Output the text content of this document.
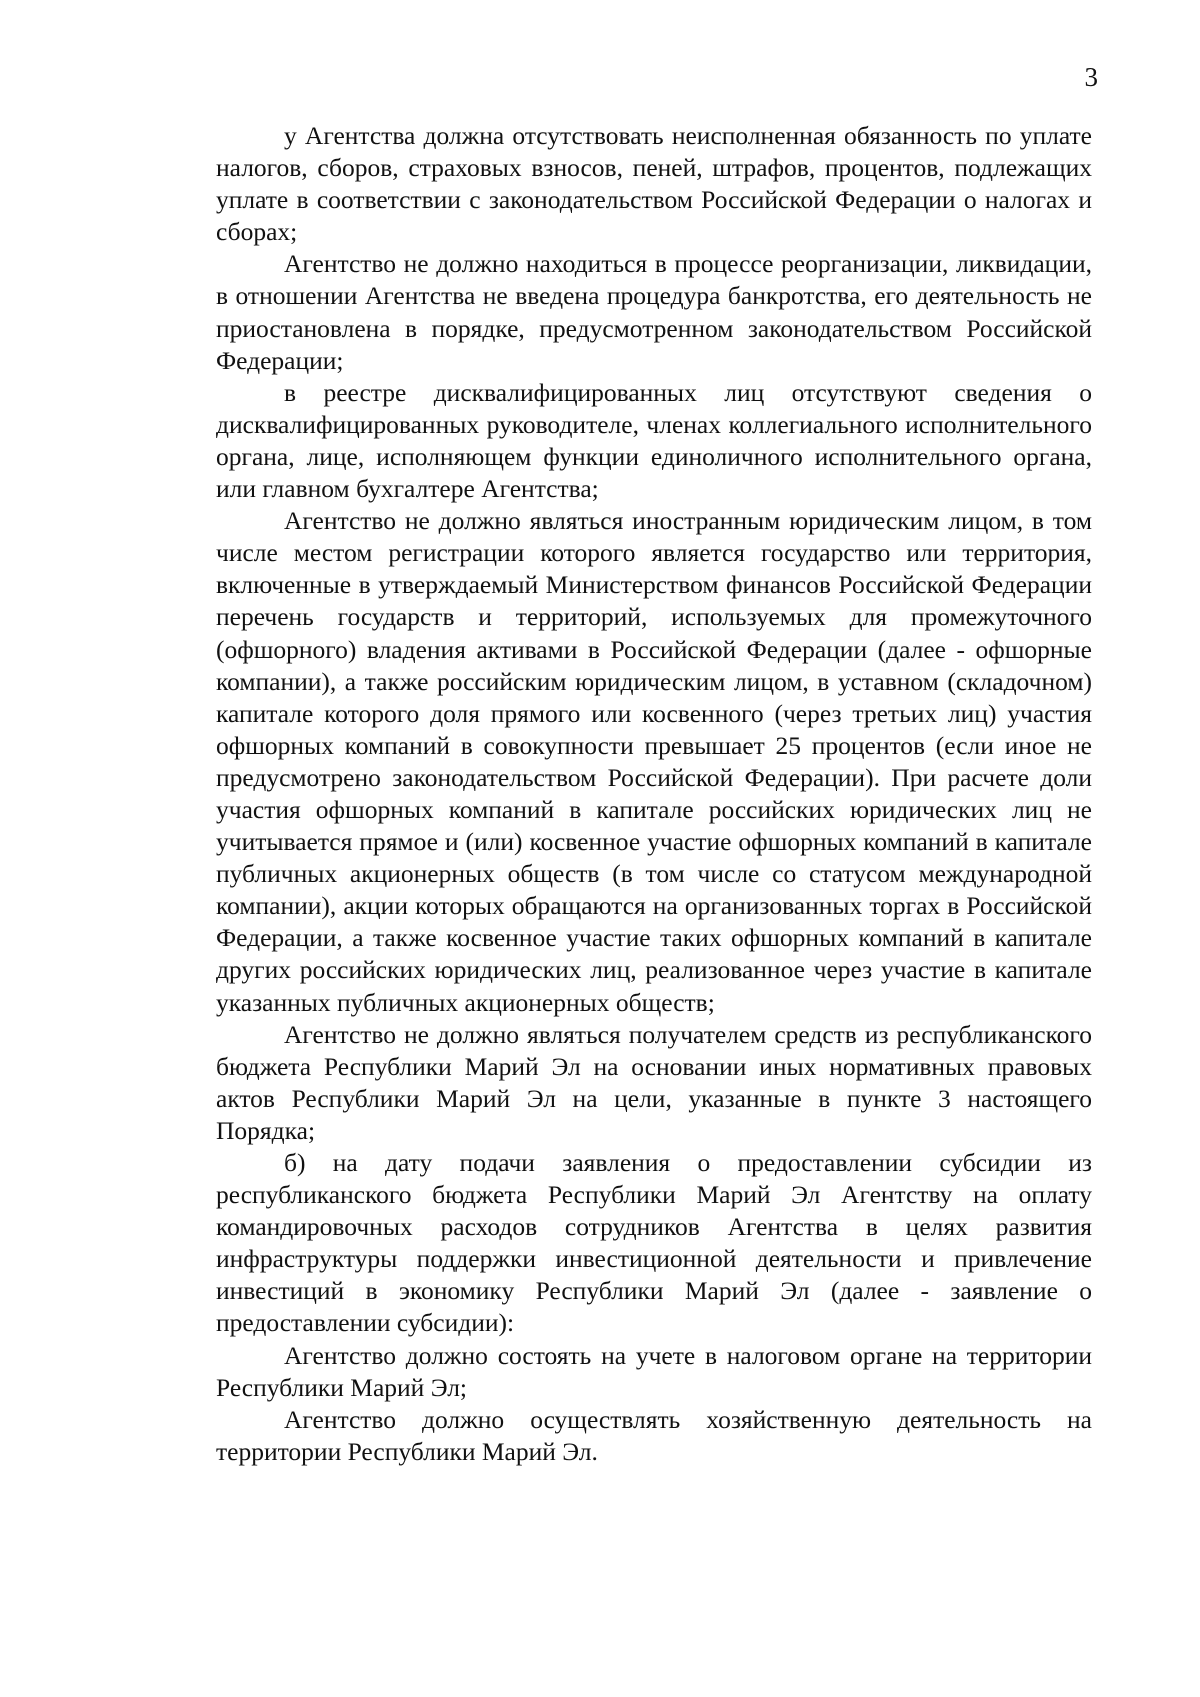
3

у Агентства должна отсутствовать неисполненная обязанность по уплате налогов, сборов, страховых взносов, пеней, штрафов, процентов, подлежащих уплате в соответствии с законодательством Российской Федерации о налогах и сборах;

Агентство не должно находиться в процессе реорганизации, ликвидации, в отношении Агентства не введена процедура банкротства, его деятельность не приостановлена в порядке, предусмотренном законодательством Российской Федерации;

в реестре дисквалифицированных лиц отсутствуют сведения о дисквалифицированных руководителе, членах коллегиального исполнительного органа, лице, исполняющем функции единоличного исполнительного органа, или главном бухгалтере Агентства;

Агентство не должно являться иностранным юридическим лицом, в том числе местом регистрации которого является государство или территория, включенные в утверждаемый Министерством финансов Российской Федерации перечень государств и территорий, используемых для промежуточного (офшорного) владения активами в Российской Федерации (далее - офшорные компании), а также российским юридическим лицом, в уставном (складочном) капитале которого доля прямого или косвенного (через третьих лиц) участия офшорных компаний в совокупности превышает 25 процентов (если иное не предусмотрено законодательством Российской Федерации). При расчете доли участия офшорных компаний в капитале российских юридических лиц не учитывается прямое и (или) косвенное участие офшорных компаний в капитале публичных акционерных обществ (в том числе со статусом международной компании), акции которых обращаются на организованных торгах в Российской Федерации, а также косвенное участие таких офшорных компаний в капитале других российских юридических лиц, реализованное через участие в капитале указанных публичных акционерных обществ;

Агентство не должно являться получателем средств из республиканского бюджета Республики Марий Эл на основании иных нормативных правовых актов Республики Марий Эл на цели, указанные в пункте 3 настоящего Порядка;

б) на дату подачи заявления о предоставлении субсидии из республиканского бюджета Республики Марий Эл Агентству на оплату командировочных расходов сотрудников Агентства в целях развития инфраструктуры поддержки инвестиционной деятельности и привлечение инвестиций в экономику Республики Марий Эл (далее - заявление о предоставлении субсидии):

Агентство должно состоять на учете в налоговом органе на территории Республики Марий Эл;

Агентство должно осуществлять хозяйственную деятельность на территории Республики Марий Эл.
